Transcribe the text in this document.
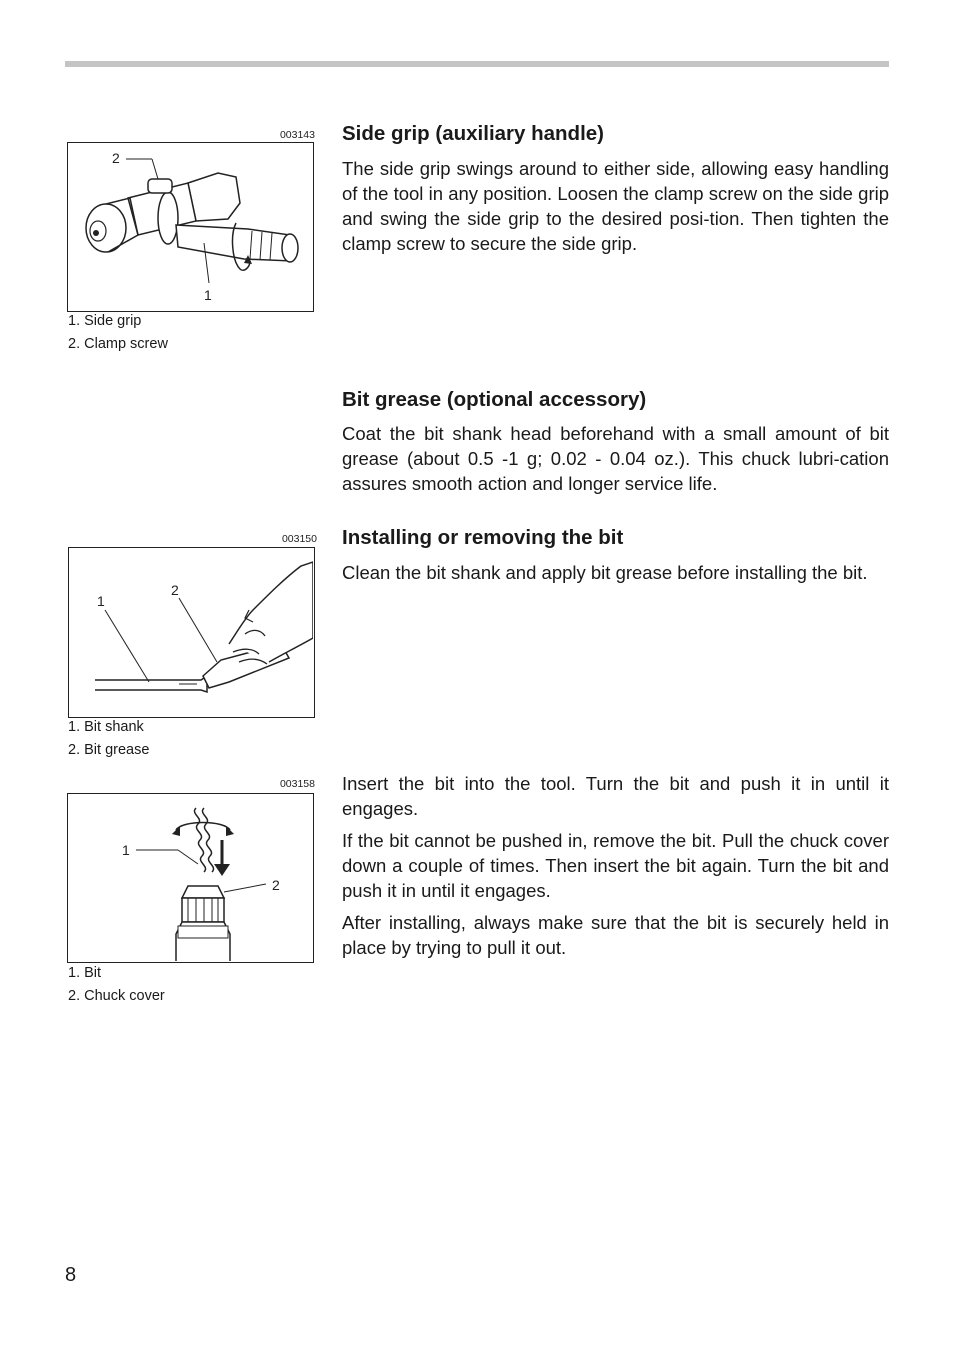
003143
2
1
1. Side grip
2. Clamp screw
Side grip (auxiliary handle)

The side grip swings around to either side, allowing easy handling of the tool in any position. Loosen the clamp screw on the side grip and swing the side grip to the desired posi-tion. Then tighten the clamp screw to secure the side grip.

Bit grease (optional accessory)

Coat the bit shank head beforehand with a small amount of bit grease (about 0.5 -1 g; 0.02 - 0.04 oz.). This chuck lubri-cation assures smooth action and longer service life.

003150
1
2
1. Bit shank
2. Bit grease
Installing or removing the bit

Clean the bit shank and apply bit grease before installing the bit.

003158
1
2
1. Bit
2. Chuck cover

Insert the bit into the tool. Turn the bit and push it in until it engages.

If the bit cannot be pushed in, remove the bit. Pull the chuck cover down a couple of times. Then insert the bit again. Turn the bit and push it in until it engages.

After installing, always make sure that the bit is securely held in place by trying to pull it out.

8
